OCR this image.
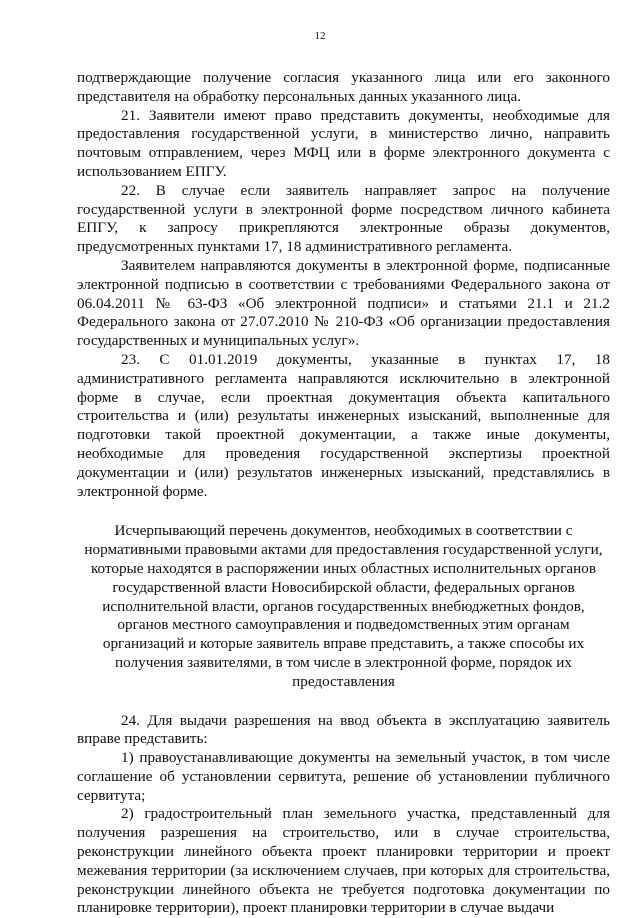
12

подтверждающие получение согласия указанного лица или его законного представителя на обработку персональных данных указанного лица.

21. Заявители имеют право представить документы, необходимые для предоставления государственной услуги, в министерство лично, направить почтовым отправлением, через МФЦ или в форме электронного документа с использованием ЕПГУ.

22. В случае если заявитель направляет запрос на получение государственной услуги в электронной форме посредством личного кабинета ЕПГУ, к запросу прикрепляются электронные образы документов, предусмотренных пунктами 17, 18 административного регламента.

Заявителем направляются документы в электронной форме, подписанные электронной подписью в соответствии с требованиями Федерального закона от 06.04.2011 № 63-ФЗ «Об электронной подписи» и статьями 21.1 и 21.2 Федерального закона от 27.07.2010 № 210-ФЗ «Об организации предоставления государственных и муниципальных услуг».

23. С 01.01.2019 документы, указанные в пунктах 17, 18 административного регламента направляются исключительно в электронной форме в случае, если проектная документация объекта капитального строительства и (или) результаты инженерных изысканий, выполненные для подготовки такой проектной документации, а также иные документы, необходимые для проведения государственной экспертизы проектной документации и (или) результатов инженерных изысканий, представлялись в электронной форме.

Исчерпывающий перечень документов, необходимых в соответствии с нормативными правовыми актами для предоставления государственной услуги, которые находятся в распоряжении иных областных исполнительных органов государственной власти Новосибирской области, федеральных органов исполнительной власти, органов государственных внебюджетных фондов, органов местного самоуправления и подведомственных этим органам организаций и которые заявитель вправе представить, а также способы их получения заявителями, в том числе в электронной форме, порядок их предоставления

24. Для выдачи разрешения на ввод объекта в эксплуатацию заявитель вправе представить:

1) правоустанавливающие документы на земельный участок, в том числе соглашение об установлении сервитута, решение об установлении публичного сервитута;

2) градостроительный план земельного участка, представленный для получения разрешения на строительство, или в случае строительства, реконструкции линейного объекта проект планировки территории и проект межевания территории (за исключением случаев, при которых для строительства, реконструкции линейного объекта не требуется подготовка документации по планировке территории), проект планировки территории в случае выдачи
